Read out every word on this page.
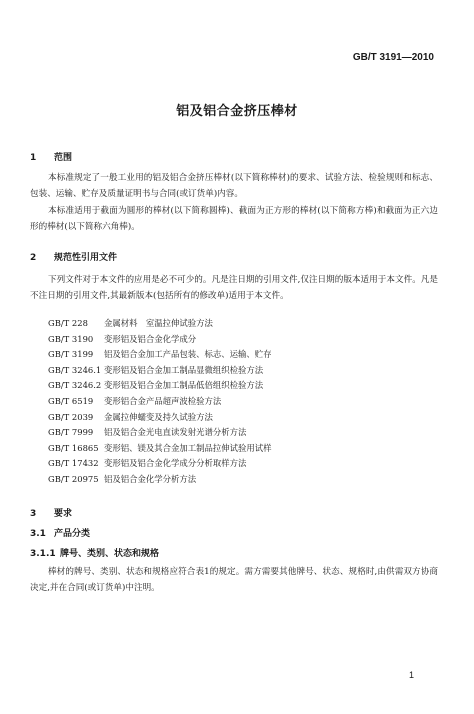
GB/T 3191—2010
铝及铝合金挤压棒材
1 范围
本标准规定了一般工业用的铝及铝合金挤压棒材(以下简称棒材)的要求、试验方法、检验规则和标志、包装、运输、贮存及质量证明书与合同(或订货单)内容。
本标准适用于截面为圆形的棒材(以下简称圆棒)、截面为正方形的棒材(以下简称方棒)和截面为正六边形的棒材(以下简称六角棒)。
2 规范性引用文件
下列文件对于本文件的应用是必不可少的。凡是注日期的引用文件,仅注日期的版本适用于本文件。凡是不注日期的引用文件,其最新版本(包括所有的修改单)适用于本文件。
GB/T 228 金属材料　室温拉伸试验方法
GB/T 3190 变形铝及铝合金化学成分
GB/T 3199 铝及铝合金加工产品包装、标志、运输、贮存
GB/T 3246.1 变形铝及铝合金加工制品显微组织检验方法
GB/T 3246.2 变形铝及铝合金加工制品低倍组织检验方法
GB/T 6519 变形铝合金产品超声波检验方法
GB/T 2039 金属拉伸蠕变及持久试验方法
GB/T 7999 铝及铝合金光电直读发射光谱分析方法
GB/T 16865 变形铝、镁及其合金加工制品拉伸试验用试样
GB/T 17432 变形铝及铝合金化学成分分析取样方法
GB/T 20975 铝及铝合金化学分析方法
3 要求
3.1 产品分类
3.1.1 牌号、类别、状态和规格
棒材的牌号、类别、状态和规格应符合表1的规定。需方需要其他牌号、状态、规格时,由供需双方协商决定,并在合同(或订货单)中注明。
1
